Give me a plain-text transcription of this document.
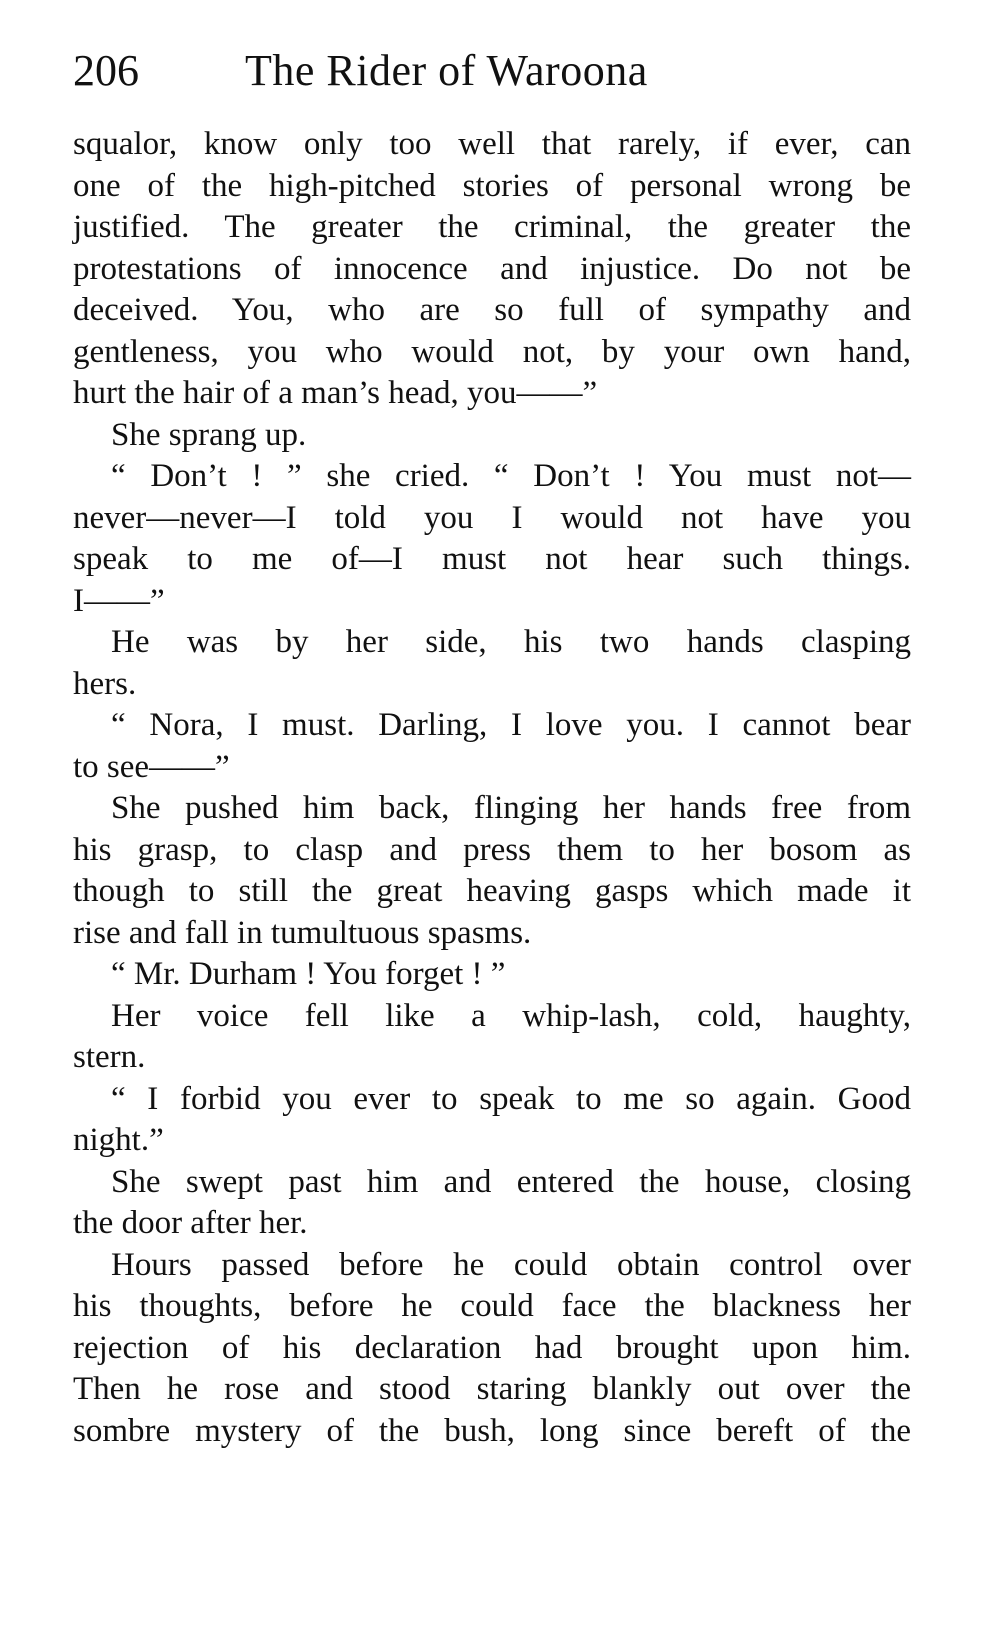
206 The Rider of Waroona
squalor, know only too well that rarely, if ever, can
one of the high-pitched stories of personal wrong be
justified. The greater the criminal, the greater the
protestations of innocence and injustice. Do not be
deceived. You, who are so full of sympathy and
gentleness, you who would not, by your own hand,
hurt the hair of a man’s head, you——”
She sprang up.
“ Don’t ! ” she cried. “ Don’t ! You must not—
never—never—I told you I would not have you
speak to me of—I must not hear such things.
I——”
He was by her side, his two hands clasping
hers.
“ Nora, I must. Darling, I love you. I cannot bear
to see——”
She pushed him back, flinging her hands free from
his grasp, to clasp and press them to her bosom as
though to still the great heaving gasps which made it
rise and fall in tumultuous spasms.
“ Mr. Durham ! You forget ! ”
Her voice fell like a whip-lash, cold, haughty,
stern.
“ I forbid you ever to speak to me so again. Good
night.”
She swept past him and entered the house, closing
the door after her.
Hours passed before he could obtain control over
his thoughts, before he could face the blackness her
rejection of his declaration had brought upon him.
Then he rose and stood staring blankly out over the
sombre mystery of the bush, long since bereft of the
